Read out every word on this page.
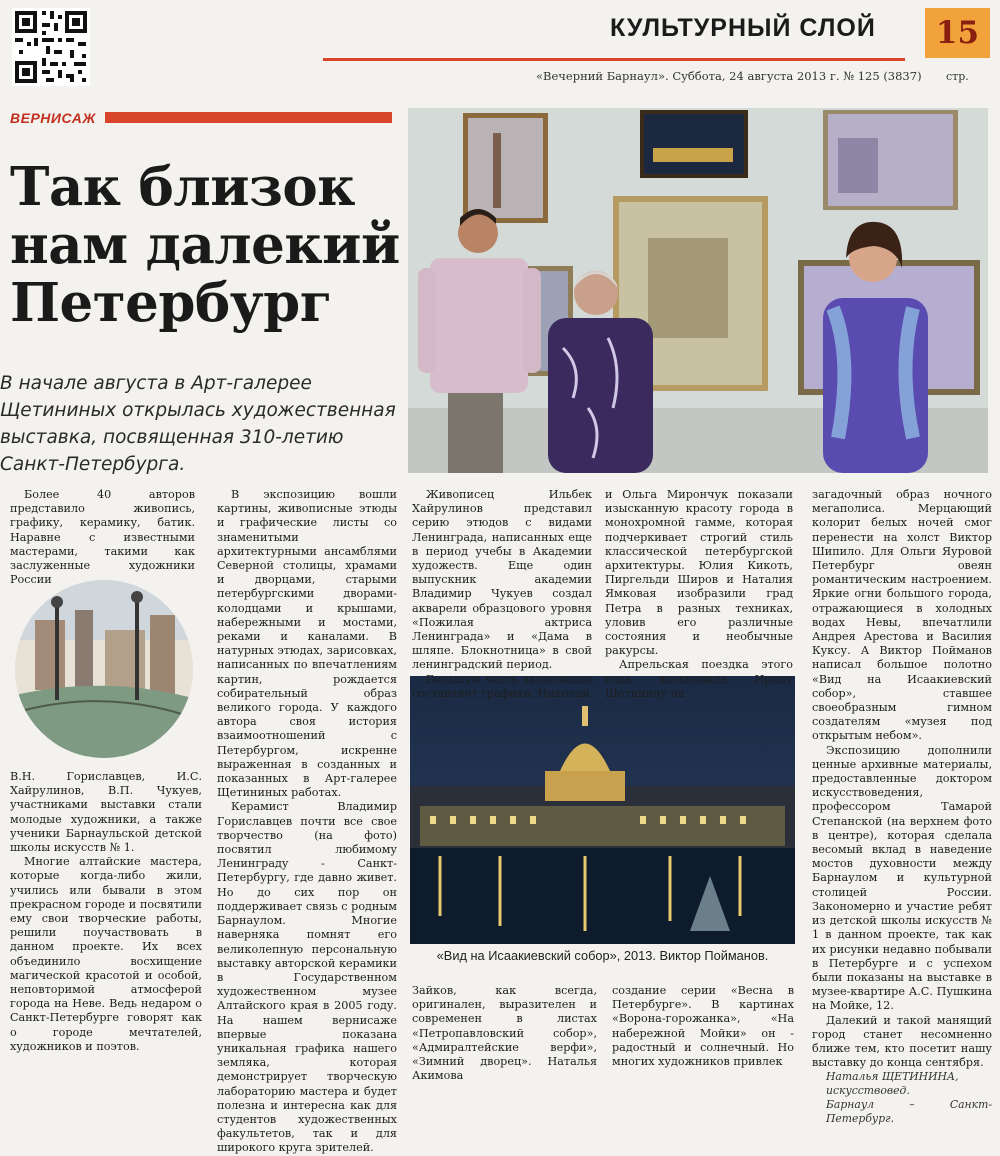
КУЛЬТУРНЫЙ СЛОЙ	15
«Вечерний Барнаул». Суббота, 24 августа 2013 г. № 125 (3837) стр.
ВЕРНИСАЖ
Так близок
нам далекий
Петербург

В начале августа в Арт-галерее Щетининых открылась художественная выставка, посвященная 310-летию Санкт-Петербурга.

«Вид на Исаакиевский собор», 2013. Виктор Пойманов.

Более 40 авторов представило живопись, графику, керамику, батик. Наравне с известными мастерами, такими как заслуженные художники России

В.Н. Гориславцев, И.С. Хайрулинов, В.П. Чукуев, участниками выставки стали молодые художники, а также ученики Барнаульской детской школы искусств № 1.

Многие алтайские мастера, которые когда-либо жили, учились или бывали в этом прекрасном городе и посвятили ему свои творческие работы, решили поучаствовать в данном проекте. Их всех объединило восхищение магической красотой и особой, неповторимой атмосферой города на Неве. Ведь недаром о Санкт-Петербурге говорят как о городе мечтателей, художников и поэтов.

В экспозицию вошли картины, живописные этюды и графические листы со знаменитыми архитектурными ансамблями Северной столицы, храмами и дворцами, старыми петербургскими дворами-колодцами и крышами, набережными и мостами, реками и каналами. В натурных этюдах, зарисовках, написанных по впечатлениям картин, рождается собирательный образ великого города. У каждого автора своя история взаимоотношений с Петербургом, искренне выраженная в созданных и показанных в Арт-галерее Щетининых работах.

Керамист Владимир Гориславцев почти все свое творчество (на фото) посвятил любимому Ленинграду - Санкт-Петербургу, где давно живет. Но до сих пор он поддерживает связь с родным Барнаулом. Многие наверняка помнят его великолепную персональную выставку авторской керамики в Государственном художественном музее Алтайского края в 2005 году. На нашем вернисаже впервые показана уникальная графика нашего земляка, которая демонстрирует творческую лабораторию мастера и будет полезна и интересна как для студентов художественных факультетов, так и для широкого круга зрителей.

Живописец Ильбек Хайрулинов представил серию этюдов с видами Ленинграда, написанных еще в период учебы в Академии художеств. Еще один выпускник академии Владимир Чукуев создал акварели образцового уровня «Пожилая актриса Ленинграда» и «Дама в шляпе. Блокнотница» в свой ленинградский период.

Большую часть экспозиции составляет графика. Николай

и Ольга Мирончук показали изысканную красоту города в монохромной гамме, которая подчеркивает строгий стиль классической петербургской архитектуры. Юлия Кикоть, Пиргельди Широв и Наталия Ямковая изобразили град Петра в разных техниках, уловив его различные состояния и необычные ракурсы.

Апрельская поездка этого года вдохновила Ирину Щетинину на

Зайков, как всегда, оригинален, выразителен и современен в листах «Петропавловский собор», «Адмиралтейские верфи», «Зимний дворец». Наталья Акимова

создание серии «Весна в Петербурге». В картинах «Ворона-горожанка», «На набережной Мойки» он - радостный и солнечный. Но многих художников привлек

загадочный образ ночного мегаполиса. Мерцающий колорит белых ночей смог перенести на холст Виктор Шипило. Для Ольги Яуровой Петербург овеян романтическим настроением. Яркие огни большого города, отражающиеся в холодных водах Невы, впечатлили Андрея Арестова и Василия Куксу. А Виктор Пойманов написал большое полотно «Вид на Исаакиевский собор», ставшее своеобразным гимном создателям «музея под открытым небом».

Экспозицию дополнили ценные архивные материалы, предоставленные доктором искусствоведения, профессором Тамарой Степанской (на верхнем фото в центре), которая сделала весомый вклад в наведение мостов духовности между Барнаулом и культурной столицей России. Закономерно и участие ребят из детской школы искусств № 1 в данном проекте, так как их рисунки недавно побывали в Петербурге и с успехом были показаны на выставке в музее-квартире А.С. Пушкина на Мойке, 12.

Далекий и такой манящий город станет несомненно ближе тем, кто посетит нашу выставку до конца сентября.

Наталья ЩЕТИНИНА,
искусствовед.
Барнаул – Санкт-Петербург.
